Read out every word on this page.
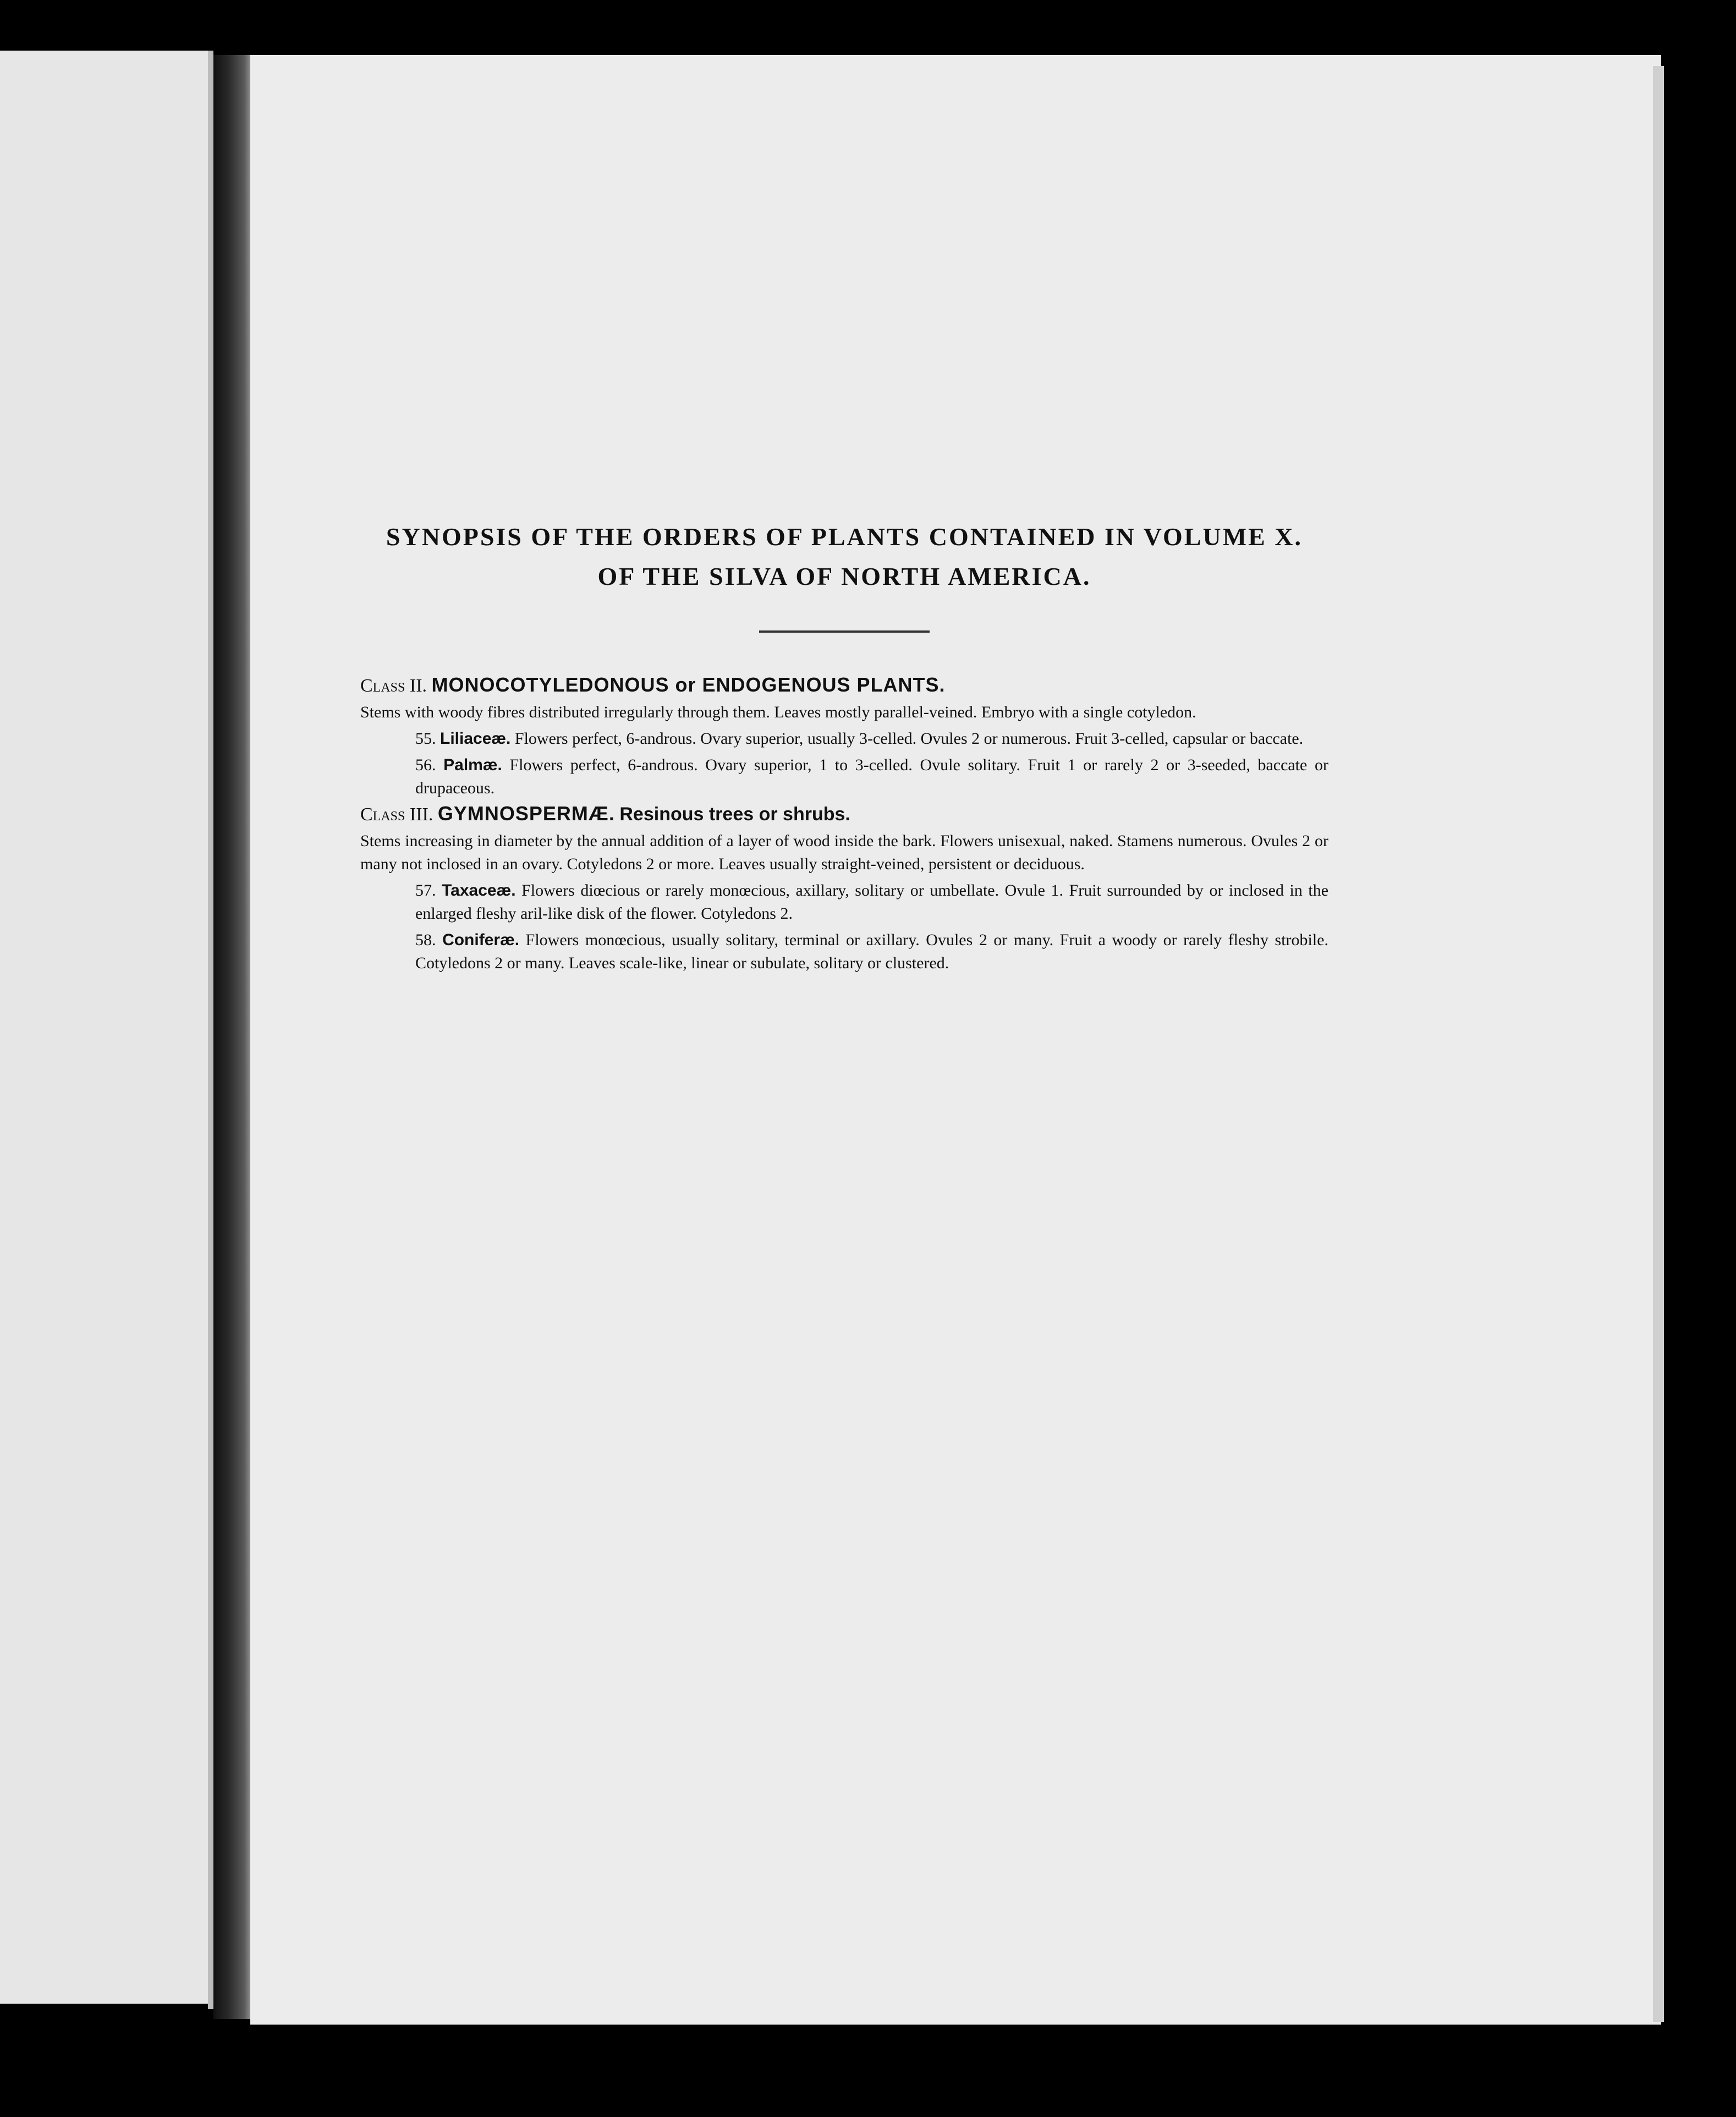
SYNOPSIS OF THE ORDERS OF PLANTS CONTAINED IN VOLUME X.
OF THE SILVA OF NORTH AMERICA.

Class II. MONOCOTYLEDONOUS or ENDOGENOUS PLANTS.

Stems with woody fibres distributed irregularly through them. Leaves mostly parallel-veined. Embryo with a single cotyledon.

55. Liliaceæ. Flowers perfect, 6-androus. Ovary superior, usually 3-celled. Ovules 2 or numerous. Fruit 3-celled, capsular or baccate.

56. Palmæ. Flowers perfect, 6-androus. Ovary superior, 1 to 3-celled. Ovule solitary. Fruit 1 or rarely 2 or 3-seeded, baccate or drupaceous.

Class III. GYMNOSPERMÆ. Resinous trees or shrubs.

Stems increasing in diameter by the annual addition of a layer of wood inside the bark. Flowers unisexual, naked. Stamens numerous. Ovules 2 or many not inclosed in an ovary. Cotyledons 2 or more. Leaves usually straight-veined, persistent or deciduous.

57. Taxaceæ. Flowers diœcious or rarely monœcious, axillary, solitary or umbellate. Ovule 1. Fruit surrounded by or inclosed in the enlarged fleshy aril-like disk of the flower. Cotyledons 2.

58. Coniferæ. Flowers monœcious, usually solitary, terminal or axillary. Ovules 2 or many. Fruit a woody or rarely fleshy strobile. Cotyledons 2 or many. Leaves scale-like, linear or subulate, solitary or clustered.
